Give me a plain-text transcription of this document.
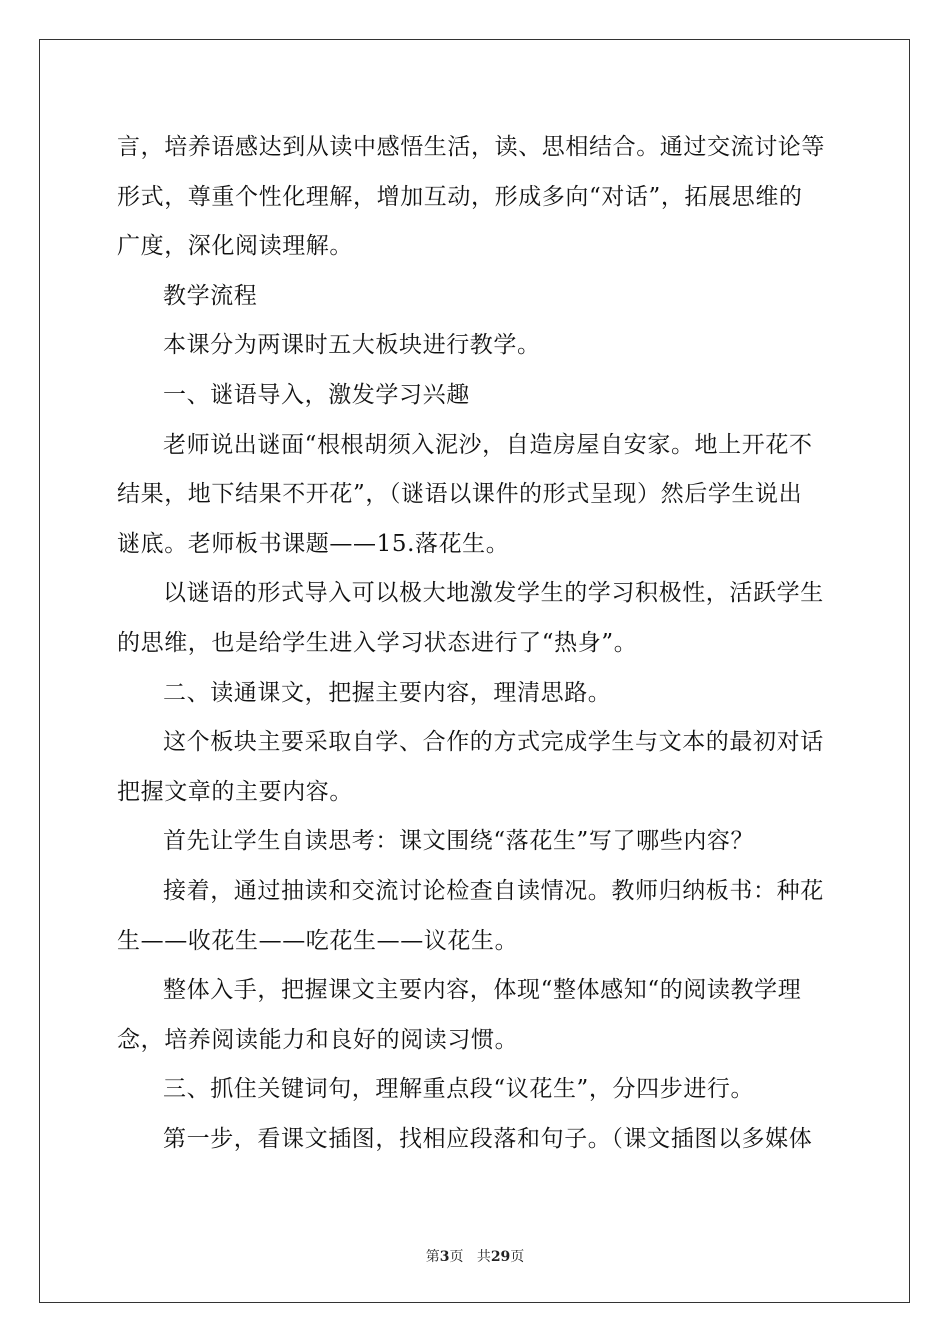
言，培养语感达到从读中感悟生活，读、思相结合。通过交流讨论等
形式，尊重个性化理解，增加互动，形成多向“对话”，拓展思维的
广度，深化阅读理解。
教学流程
本课分为两课时五大板块进行教学。
一、谜语导入，激发学习兴趣
老师说出谜面“根根胡须入泥沙，自造房屋自安家。地上开花不
结果，地下结果不开花”，（谜语以课件的形式呈现）然后学生说出
谜底。老师板书课题——15.落花生。
以谜语的形式导入可以极大地激发学生的学习积极性，活跃学生
的思维，也是给学生进入学习状态进行了“热身”。
二、读通课文，把握主要内容，理清思路。
这个板块主要采取自学、合作的方式完成学生与文本的最初对话
把握文章的主要内容。
首先让学生自读思考：课文围绕“落花生”写了哪些内容？
接着，通过抽读和交流讨论检查自读情况。教师归纳板书：种花
生——收花生——吃花生——议花生。
整体入手，把握课文主要内容，体现“整体感知“的阅读教学理
念，培养阅读能力和良好的阅读习惯。
三、抓住关键词句，理解重点段“议花生”，分四步进行。
第一步，看课文插图，找相应段落和句子。（课文插图以多媒体
第3页 共29页
